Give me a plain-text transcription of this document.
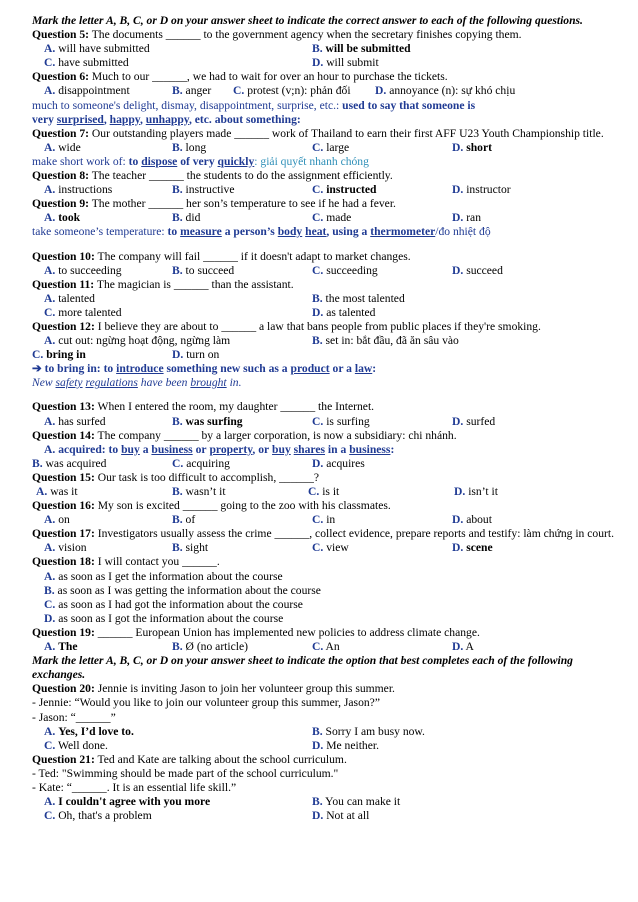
Mark the letter A, B, C, or D on your answer sheet to indicate the correct answer to each of the following questions.
Question 5: The documents ______ to the government agency when the secretary finishes copying them.
A. will have submitted	B. will be submitted
C. have submitted	D. will submit
Question 6: Much to our ______, we had to wait for over an hour to purchase the tickets.
A. disappointment	B. anger C. protest (v;n): phản đối D. annoyance (n): sự khó chịu
much to someone's delight, dismay, disappointment, surprise, etc.: used to say that someone is
very surprised, happy, unhappy, etc. about something:
Question 7: Our outstanding players made ______ work of Thailand to earn their first AFF U23 Youth Championship title.
A. wide	B. long	C. large	D. short
make short work of: to dispose of very quickly: giải quyết nhanh chóng
Question 8: The teacher ______ the students to do the assignment efficiently.
A. instructions	B. instructive	C. instructed	D. instructor
Question 9: The mother ______ her son’s temperature to see if he had a fever.
A. took	B. did	C. made	D. ran
take someone’s temperature: to measure a person’s body heat, using a thermometer/đo nhiệt độ
Question 10: The company will fail ______ if it doesn't adapt to market changes.
A. to succeeding	B. to succeed	C. succeeding	D. succeed
Question 11: The magician is ______ than the assistant.
A. talented	B. the most talented
C. more talented	D. as talented
Question 12: I believe they are about to ______ a law that bans people from public places if they're smoking.
A. cut out: ngừng hoạt động, ngừng làm	B. set in: bắt đầu, đã ăn sâu vào
C. bring in	D. turn on
➔ to bring in: to introduce something new such as a product or a law:
New safety regulations have been brought in.
Question 13: When I entered the room, my daughter ______ the Internet.
A. has surfed	B. was surfing	C. is surfing	D. surfed
Question 14: The company ______ by a larger corporation, is now a subsidiary: chi nhánh.
A. acquired: to buy a business or property, or buy shares in a business:
B. was acquired	C. acquiring	D. acquires
Question 15: Our task is too difficult to accomplish, ______?
A. was it	B. wasn’t it	C. is it	D. isn’t it
Question 16: My son is excited ______ going to the zoo with his classmates.
A. on	B. of	C. in	D. about
Question 17: Investigators usually assess the crime ______, collect evidence, prepare reports and testify: làm chứng in court.
A. vision	B. sight	C. view	D. scene
Question 18: I will contact you ______.
A. as soon as I get the information about the course
B. as soon as I was getting the information about the course
C. as soon as I had got the information about the course
D. as soon as I got the information about the course
Question 19: ______ European Union has implemented new policies to address climate change.
A. The	B. Ø (no article)	C. An	D. A
Mark the letter A, B, C, or D on your answer sheet to indicate the option that best completes each of the following exchanges.
Question 20: Jennie is inviting Jason to join her volunteer group this summer.
- Jennie: “Would you like to join our volunteer group this summer, Jason?”
- Jason: “______”
A. Yes, I’d love to.	B. Sorry I am busy now.
C. Well done.	D. Me neither.
Question 21: Ted and Kate are talking about the school curriculum.
- Ted: "Swimming should be made part of the school curriculum."
- Kate: “______. It is an essential life skill.”
A. I couldn't agree with you more	B. You can make it
C. Oh, that's a problem	D. Not at all
